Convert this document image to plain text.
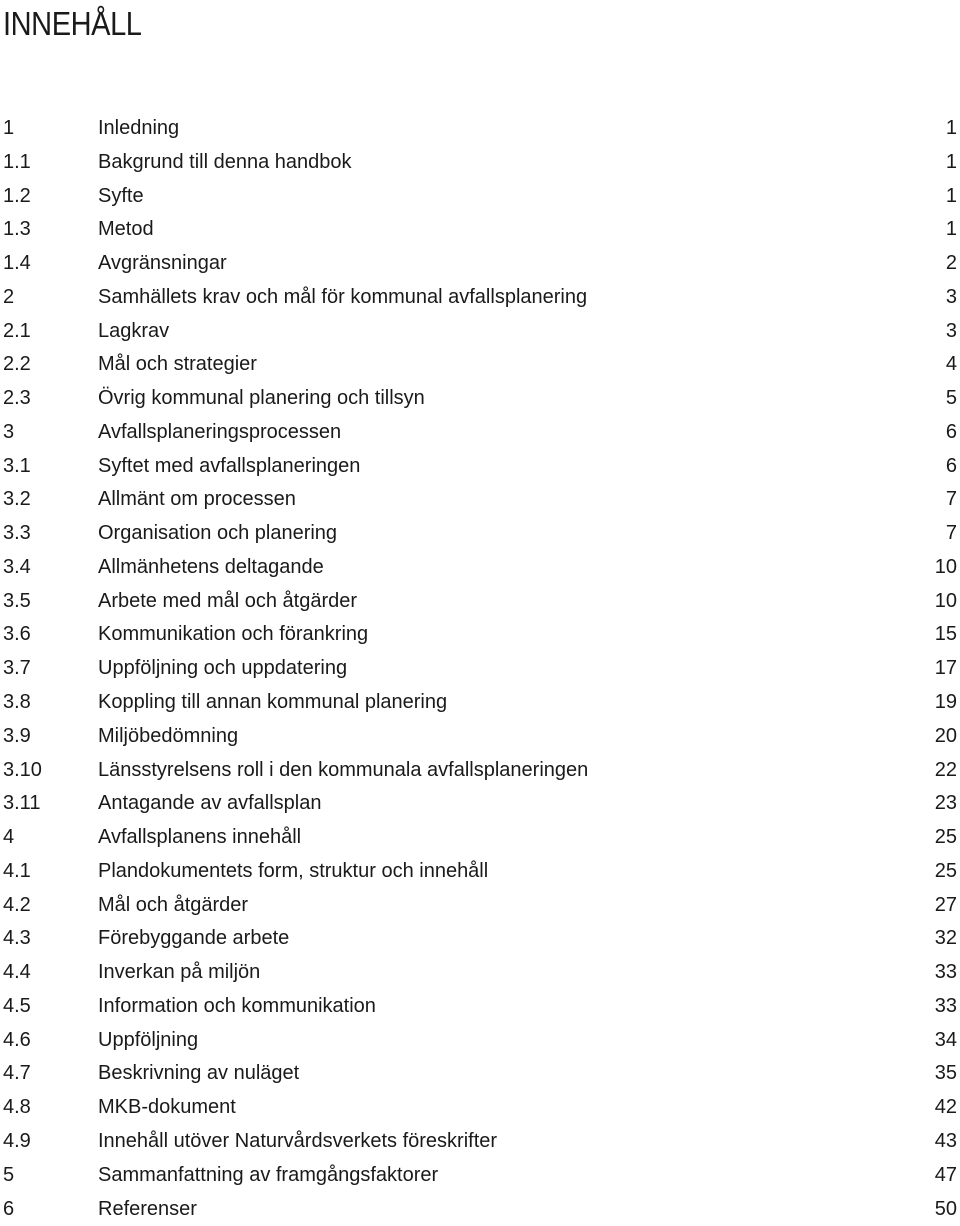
INNEHÅLL
1	Inledning	1
1.1	Bakgrund till denna handbok	1
1.2	Syfte	1
1.3	Metod	1
1.4	Avgränsningar	2
2	Samhällets krav och mål för kommunal avfallsplanering	3
2.1	Lagkrav	3
2.2	Mål och strategier	4
2.3	Övrig kommunal planering och tillsyn	5
3	Avfallsplaneringsprocessen	6
3.1	Syftet med avfallsplaneringen	6
3.2	Allmänt om processen	7
3.3	Organisation och planering	7
3.4	Allmänhetens deltagande	10
3.5	Arbete med mål och åtgärder	10
3.6	Kommunikation och förankring	15
3.7	Uppföljning och uppdatering	17
3.8	Koppling till annan kommunal planering	19
3.9	Miljöbedömning	20
3.10	Länsstyrelsens roll i den kommunala avfallsplaneringen	22
3.11	Antagande av avfallsplan	23
4	Avfallsplanens innehåll	25
4.1	Plandokumentets form, struktur och innehåll	25
4.2	Mål och åtgärder	27
4.3	Förebyggande arbete	32
4.4	Inverkan på miljön	33
4.5	Information och kommunikation	33
4.6	Uppföljning	34
4.7	Beskrivning av nuläget	35
4.8	MKB-dokument	42
4.9	Innehåll utöver Naturvårdsverkets föreskrifter	43
5	Sammanfattning av framgångsfaktorer	47
6	Referenser	50
